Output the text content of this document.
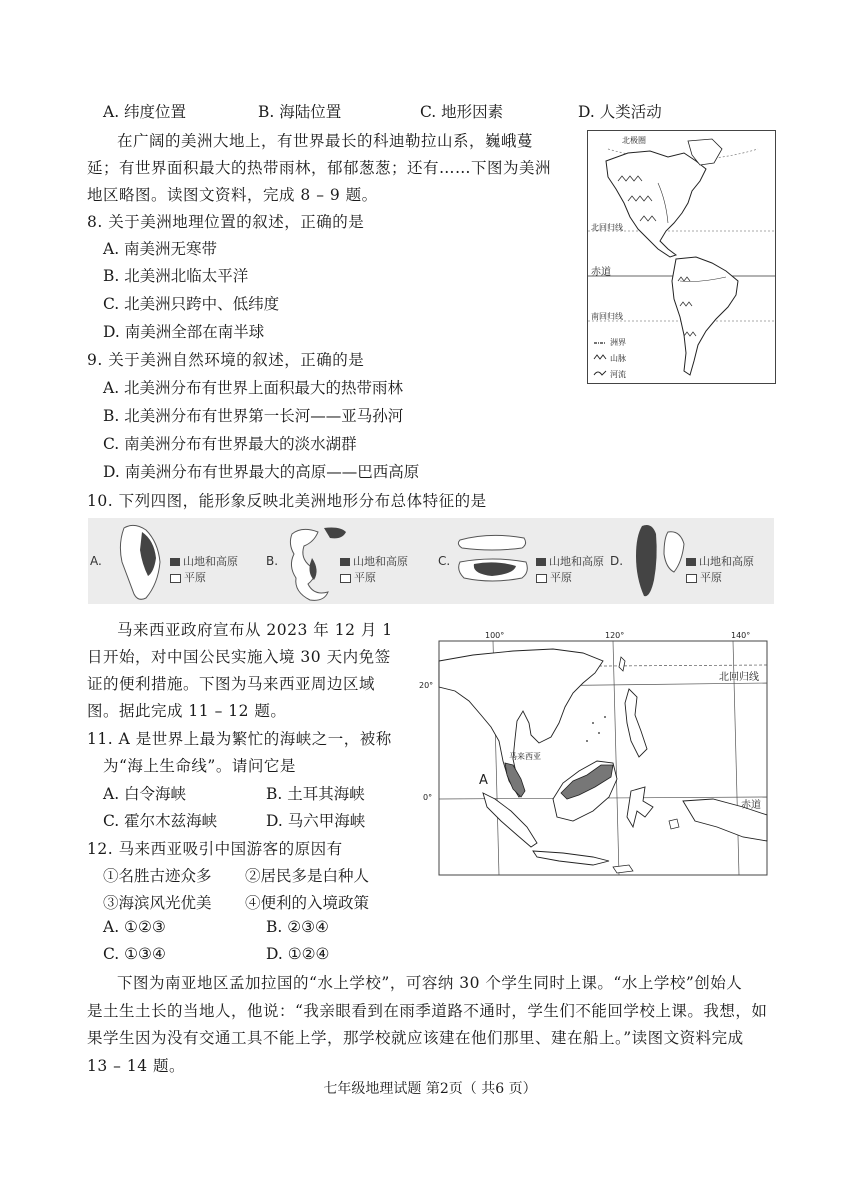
A. 纬度位置	B. 海陆位置	C. 地形因素	D. 人类活动
在广阔的美洲大地上，有世界最长的科迪勒拉山系，巍峨蔓
延；有世界面积最大的热带雨林，郁郁葱葱；还有……下图为美洲
地区略图。读图文资料，完成 8 – 9 题。
8. 关于美洲地理位置的叙述，正确的是
A. 南美洲无寒带
B. 北美洲北临太平洋
C. 北美洲只跨中、低纬度
D. 南美洲全部在南半球
9. 关于美洲自然环境的叙述，正确的是
A. 北美洲分布有世界上面积最大的热带雨林
B. 北美洲分布有世界第一长河——亚马孙河
C. 南美洲分布有世界最大的淡水湖群
D. 南美洲分布有世界最大的高原——巴西高原
北极圈
北回归线
赤道
南回归线
洲界
山脉
河流
10. 下列四图，能形象反映北美洲地形分布总体特征的是
A.	山地和高原
平原
B.	山地和高原
平原
C.	山地和高原
平原
D.	山地和高原
平原
马来西亚政府宣布从 2023 年 12 月 1
日开始，对中国公民实施入境 30 天内免签
证的便利措施。下图为马来西亚周边区域
图。据此完成 11 – 12 题。
11. A 是世界上最为繁忙的海峡之一，被称
为“海上生命线”。请问它是
A. 白令海峡	B. 土耳其海峡
C. 霍尔木兹海峡	D. 马六甲海峡
12. 马来西亚吸引中国游客的原因有
①名胜古迹众多 ②居民多是白种人
③海滨风光优美 ④便利的入境政策
A. ①②③	B. ②③④
C. ①③④	D. ①②④
100°	120°	140°
20°
0°
北回归线
赤道
马来西亚
A
下图为南亚地区孟加拉国的“水上学校”，可容纳 30 个学生同时上课。“水上学校”创始人
是土生土长的当地人，他说：“我亲眼看到在雨季道路不通时，学生们不能回学校上课。我想，如
果学生因为没有交通工具不能上学，那学校就应该建在他们那里、建在船上。”读图文资料完成
13 – 14 题。
七年级地理试题 第2页（ 共6 页）
